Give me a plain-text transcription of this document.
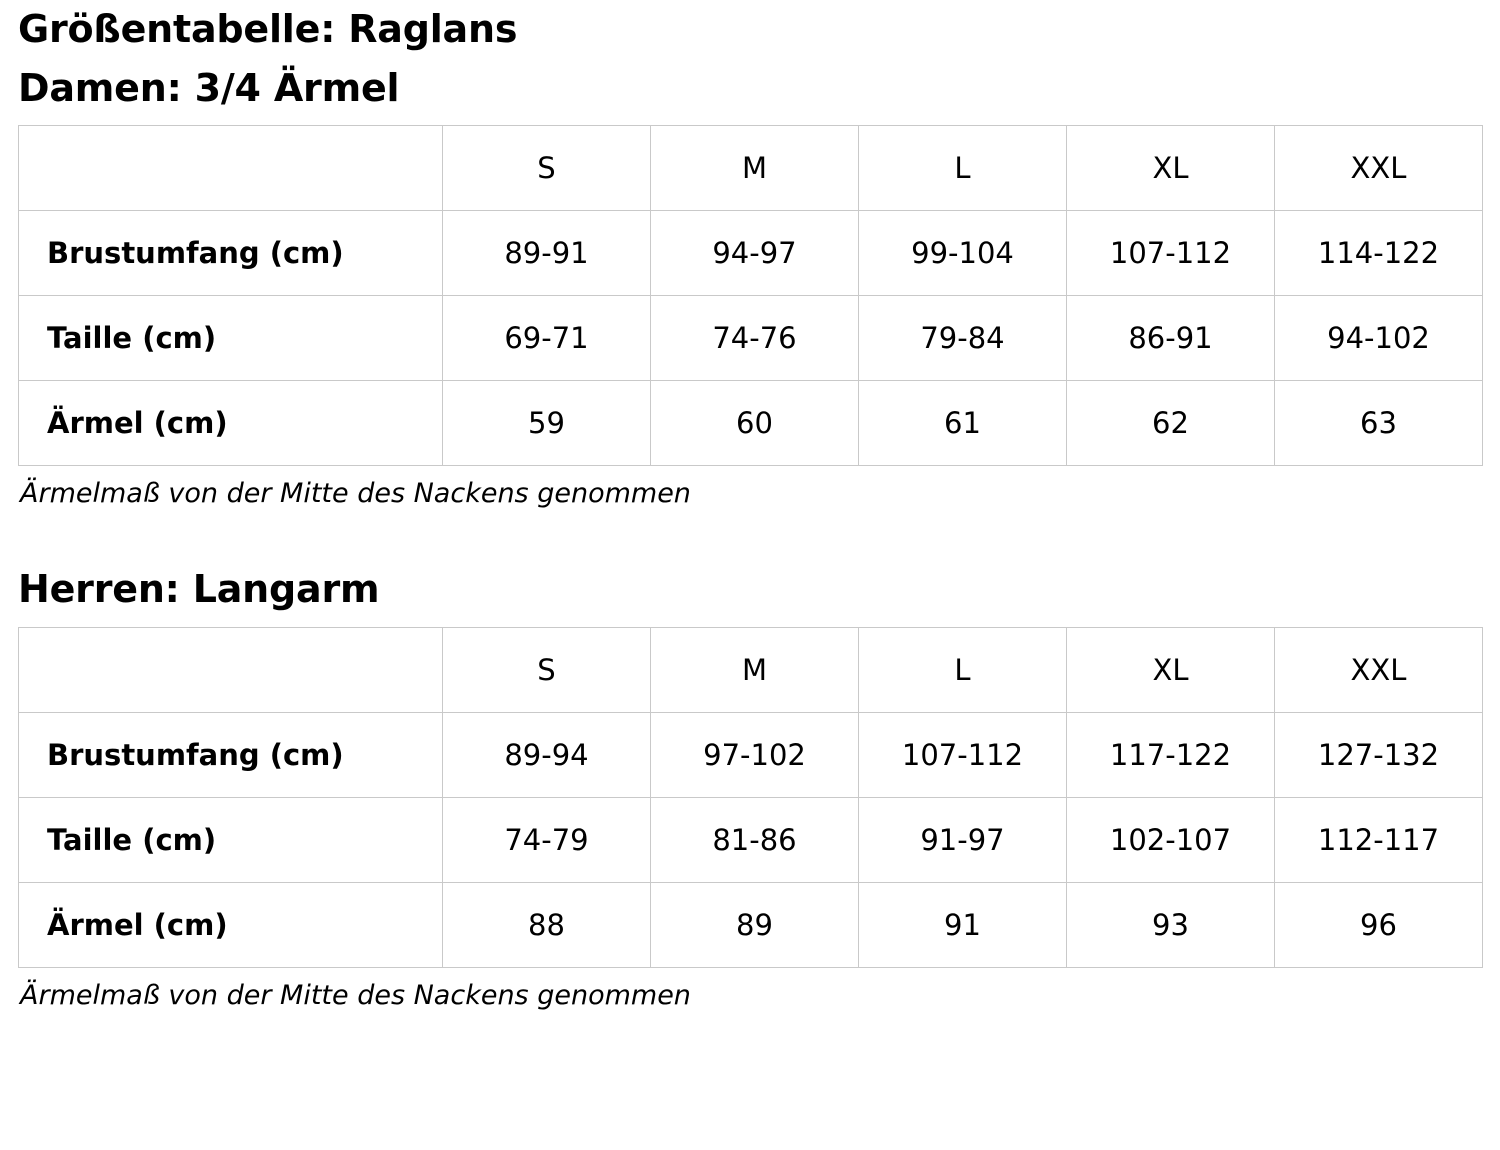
Größentabelle: Raglans
Damen: 3/4 Ärmel
	S	M	L	XL	XXL
Brustumfang (cm)	89-91	94-97	99-104	107-112	114-122
Taille (cm)	69-71	74-76	79-84	86-91	94-102
Ärmel (cm)	59	60	61	62	63

Ärmelmaß von der Mitte des Nackens genommen

Herren: Langarm
	S	M	L	XL	XXL
Brustumfang (cm)	89-94	97-102	107-112	117-122	127-132
Taille (cm)	74-79	81-86	91-97	102-107	112-117
Ärmel (cm)	88	89	91	93	96

Ärmelmaß von der Mitte des Nackens genommen
